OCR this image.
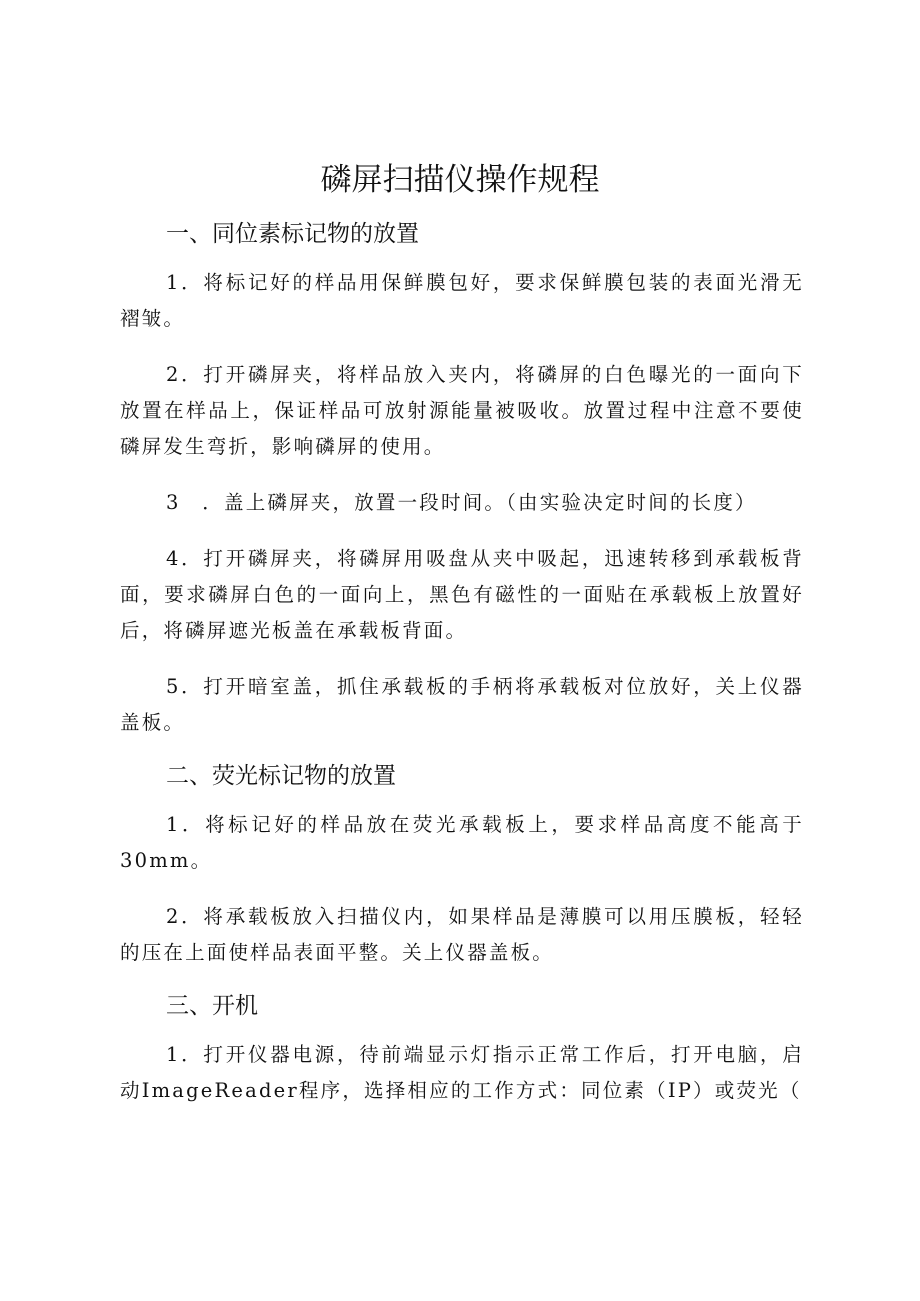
磷屏扫描仪操作规程
一、同位素标记物的放置

1．将标记好的样品用保鲜膜包好，要求保鲜膜包装的表面光滑无褶皱。

2．打开磷屏夹，将样品放入夹内，将磷屏的白色曝光的一面向下放置在样品上，保证样品可放射源能量被吸收。放置过程中注意不要使磷屏发生弯折，影响磷屏的使用。

3　．盖上磷屏夹，放置一段时间。（由实验决定时间的长度）

4．打开磷屏夹，将磷屏用吸盘从夹中吸起，迅速转移到承载板背面，要求磷屏白色的一面向上，黑色有磁性的一面贴在承载板上放置好后，将磷屏遮光板盖在承载板背面。

5．打开暗室盖，抓住承载板的手柄将承载板对位放好，关上仪器盖板。

二、荧光标记物的放置

1．将标记好的样品放在荧光承载板上，要求样品高度不能高于30mm。

2．将承载板放入扫描仪内，如果样品是薄膜可以用压膜板，轻轻的压在上面使样品表面平整。关上仪器盖板。

三、开机

1．打开仪器电源，待前端显示灯指示正常工作后，打开电脑，启动ImageReader程序，选择相应的工作方式：同位素（IP）或荧光（
